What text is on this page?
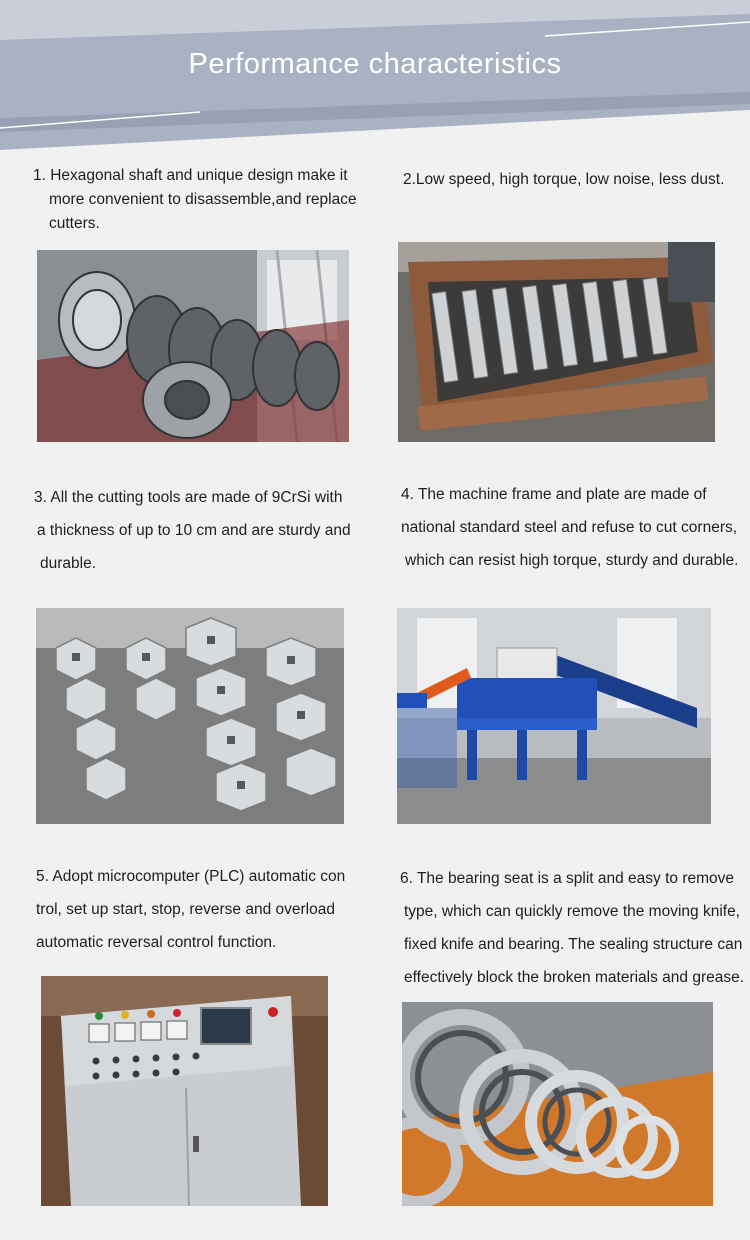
Performance characteristics

1. Hexagonal shaft and unique design make it

more convenient to disassemble,and replace

cutters.

2.Low speed, high torque, low noise, less dust.

3. All the cutting tools are made of 9CrSi with

a thickness of up to 10 cm and are sturdy and

durable.

4. The machine frame and plate are made of

national standard steel and refuse to cut corners,

which can resist high torque, sturdy and durable.

5. Adopt microcomputer (PLC) automatic con

trol, set up start, stop, reverse and overload

automatic reversal control function.

6. The bearing seat is a split and easy to remove

type, which can quickly remove the moving knife,

fixed knife and bearing. The sealing structure can

effectively block the broken materials and grease.
